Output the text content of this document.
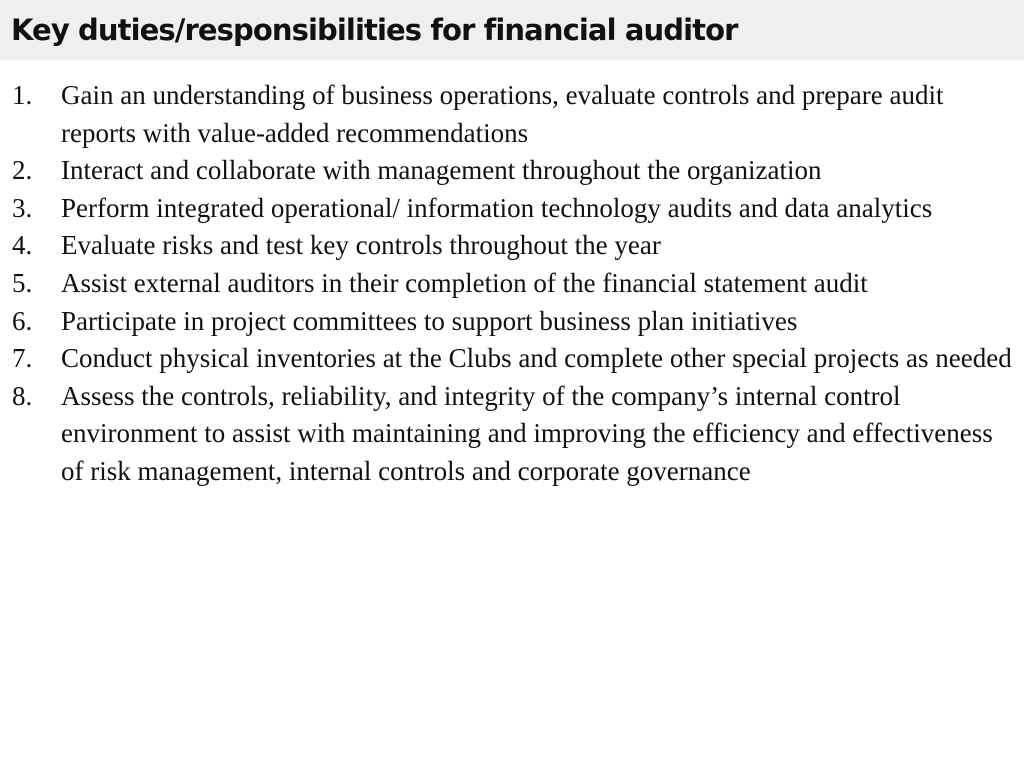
Key duties/responsibilities for financial auditor
1. Gain an understanding of business operations, evaluate controls and prepare audit reports with value-added recommendations
2. Interact and collaborate with management throughout the organization
3. Perform integrated operational/ information technology audits and data analytics
4. Evaluate risks and test key controls throughout the year
5. Assist external auditors in their completion of the financial statement audit
6. Participate in project committees to support business plan initiatives
7. Conduct physical inventories at the Clubs and complete other special projects as needed
8. Assess the controls, reliability, and integrity of the company’s internal control environment to assist with maintaining and improving the efficiency and effectiveness of risk management, internal controls and corporate governance
